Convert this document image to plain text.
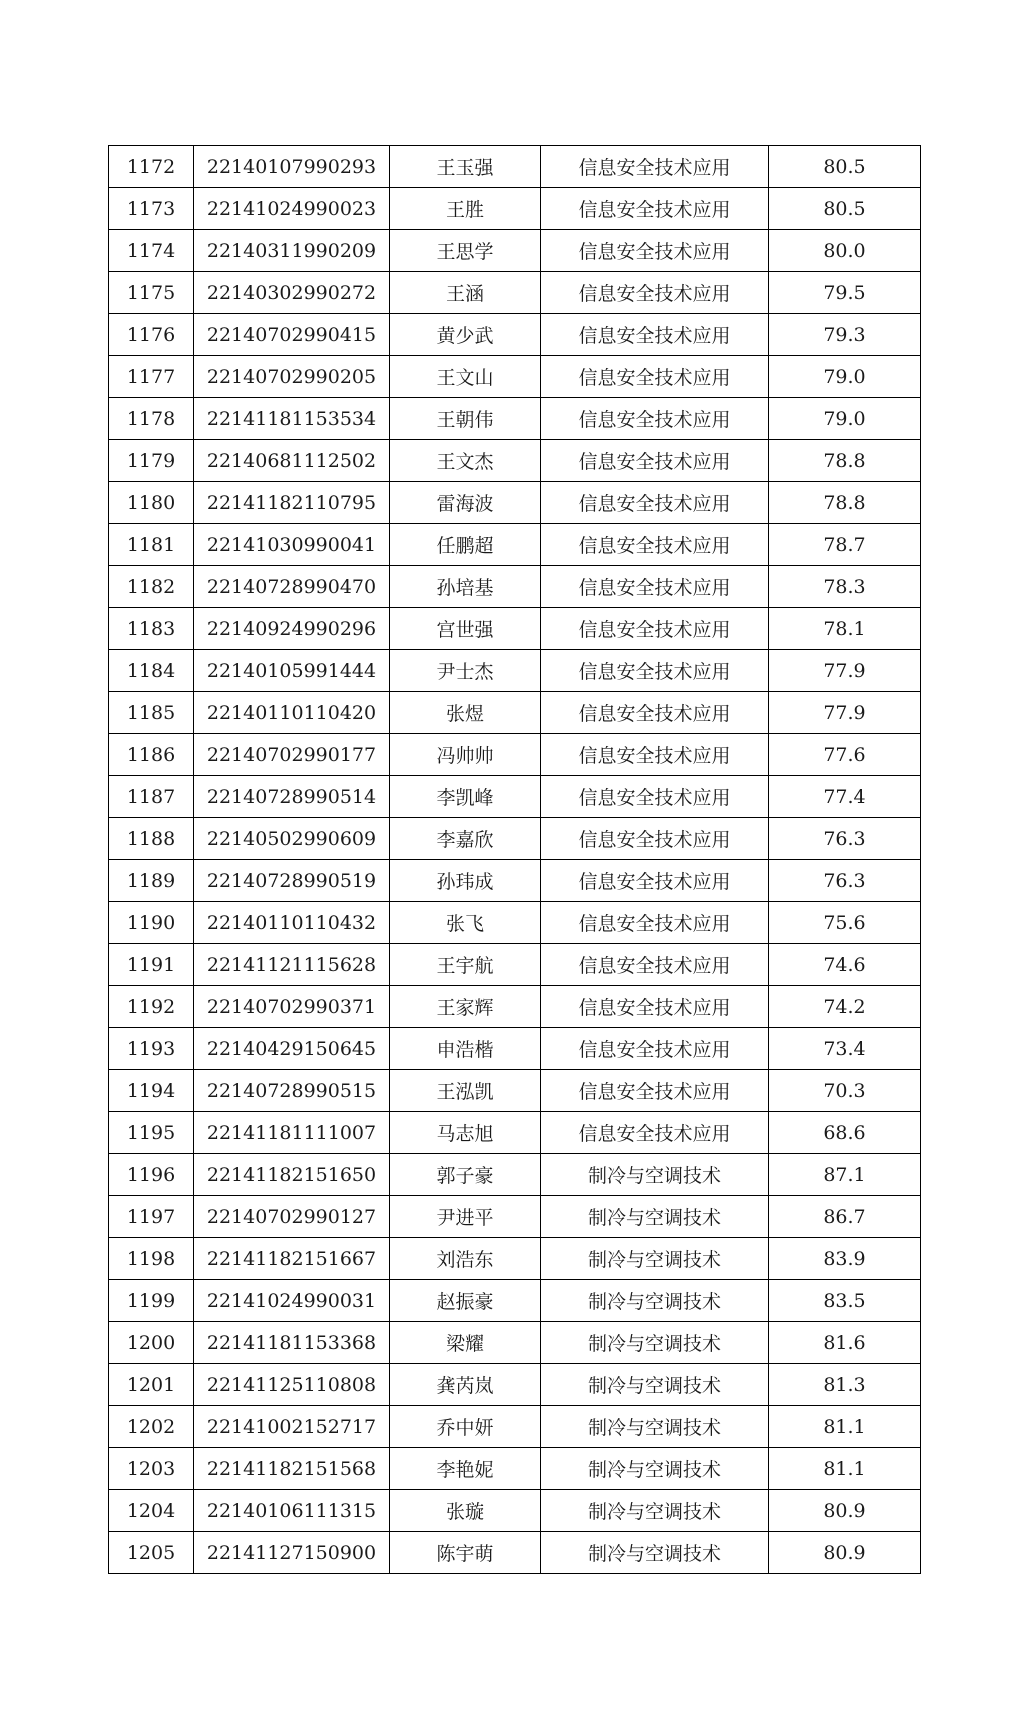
1172	22140107990293	王玉强	信息安全技术应用	80.5
1173	22141024990023	王胜	信息安全技术应用	80.5
1174	22140311990209	王思学	信息安全技术应用	80.0
1175	22140302990272	王涵	信息安全技术应用	79.5
1176	22140702990415	黄少武	信息安全技术应用	79.3
1177	22140702990205	王文山	信息安全技术应用	79.0
1178	22141181153534	王朝伟	信息安全技术应用	79.0
1179	22140681112502	王文杰	信息安全技术应用	78.8
1180	22141182110795	雷海波	信息安全技术应用	78.8
1181	22141030990041	任鹏超	信息安全技术应用	78.7
1182	22140728990470	孙培基	信息安全技术应用	78.3
1183	22140924990296	宫世强	信息安全技术应用	78.1
1184	22140105991444	尹士杰	信息安全技术应用	77.9
1185	22140110110420	张煜	信息安全技术应用	77.9
1186	22140702990177	冯帅帅	信息安全技术应用	77.6
1187	22140728990514	李凯峰	信息安全技术应用	77.4
1188	22140502990609	李嘉欣	信息安全技术应用	76.3
1189	22140728990519	孙玮成	信息安全技术应用	76.3
1190	22140110110432	张飞	信息安全技术应用	75.6
1191	22141121115628	王宇航	信息安全技术应用	74.6
1192	22140702990371	王家辉	信息安全技术应用	74.2
1193	22140429150645	申浩楷	信息安全技术应用	73.4
1194	22140728990515	王泓凯	信息安全技术应用	70.3
1195	22141181111007	马志旭	信息安全技术应用	68.6
1196	22141182151650	郭子豪	制冷与空调技术	87.1
1197	22140702990127	尹进平	制冷与空调技术	86.7
1198	22141182151667	刘浩东	制冷与空调技术	83.9
1199	22141024990031	赵振豪	制冷与空调技术	83.5
1200	22141181153368	梁耀	制冷与空调技术	81.6
1201	22141125110808	龚芮岚	制冷与空调技术	81.3
1202	22141002152717	乔中妍	制冷与空调技术	81.1
1203	22141182151568	李艳妮	制冷与空调技术	81.1
1204	22140106111315	张璇	制冷与空调技术	80.9
1205	22141127150900	陈宇萌	制冷与空调技术	80.9
